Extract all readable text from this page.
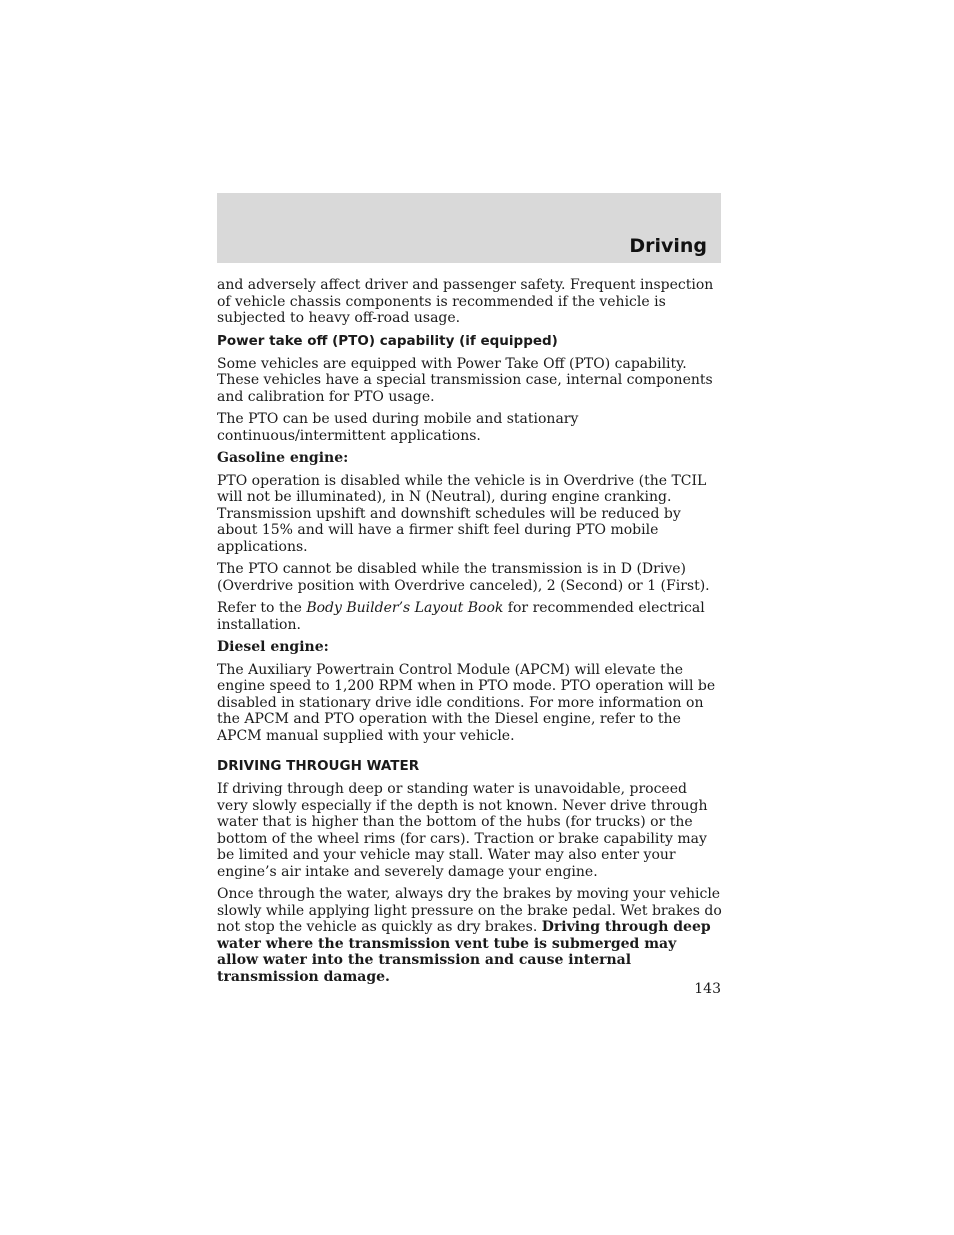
Driving

and adversely affect driver and passenger safety. Frequent inspection of vehicle chassis components is recommended if the vehicle is subjected to heavy off-road usage.

Power take off (PTO) capability (if equipped)

Some vehicles are equipped with Power Take Off (PTO) capability. These vehicles have a special transmission case, internal components and calibration for PTO usage.

The PTO can be used during mobile and stationary continuous/intermittent applications.

Gasoline engine:

PTO operation is disabled while the vehicle is in Overdrive (the TCIL will not be illuminated), in N (Neutral), during engine cranking. Transmission upshift and downshift schedules will be reduced by about 15% and will have a firmer shift feel during PTO mobile applications.

The PTO cannot be disabled while the transmission is in D (Drive) (Overdrive position with Overdrive canceled), 2 (Second) or 1 (First).

Refer to the Body Builder’s Layout Book for recommended electrical installation.

Diesel engine:

The Auxiliary Powertrain Control Module (APCM) will elevate the engine speed to 1,200 RPM when in PTO mode. PTO operation will be disabled in stationary drive idle conditions. For more information on the APCM and PTO operation with the Diesel engine, refer to the APCM manual supplied with your vehicle.

DRIVING THROUGH WATER

If driving through deep or standing water is unavoidable, proceed very slowly especially if the depth is not known. Never drive through water that is higher than the bottom of the hubs (for trucks) or the bottom of the wheel rims (for cars). Traction or brake capability may be limited and your vehicle may stall. Water may also enter your engine’s air intake and severely damage your engine.

Once through the water, always dry the brakes by moving your vehicle slowly while applying light pressure on the brake pedal. Wet brakes do not stop the vehicle as quickly as dry brakes. Driving through deep water where the transmission vent tube is submerged may allow water into the transmission and cause internal transmission damage.

143
